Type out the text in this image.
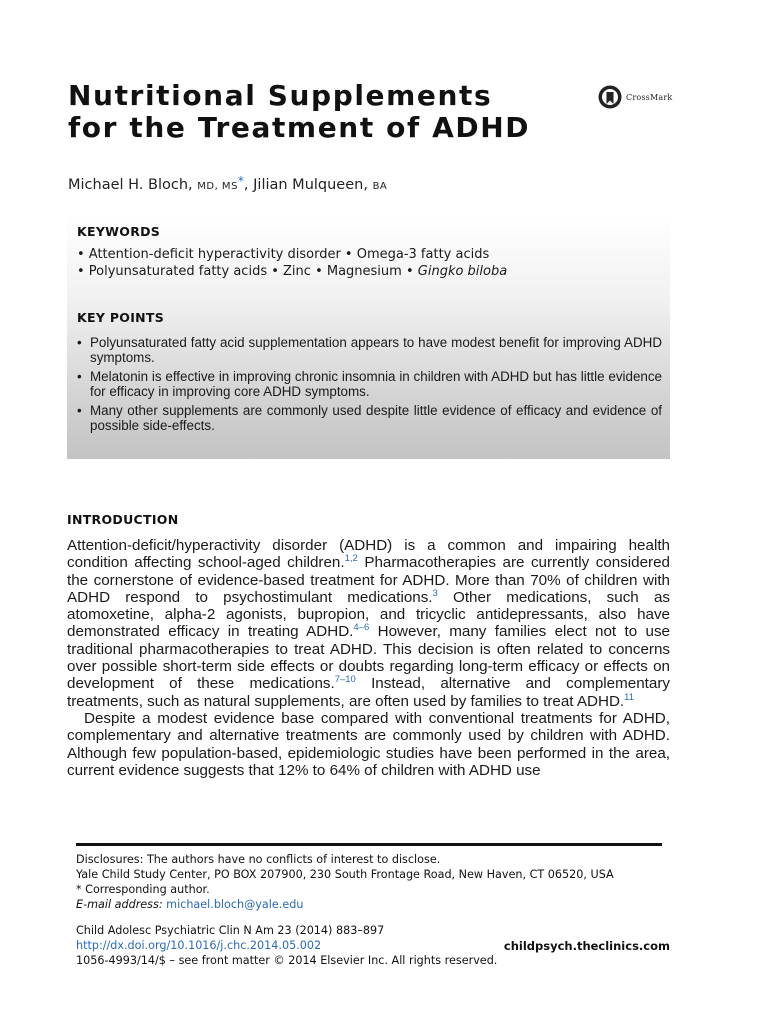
Nutritional Supplements
for the Treatment of ADHD
CrossMark
Michael H. Bloch, MD, MS*, Jilian Mulqueen, BA
KEYWORDS
• Attention-deficit hyperactivity disorder • Omega-3 fatty acids
• Polyunsaturated fatty acids • Zinc • Magnesium • Gingko biloba
KEY POINTS
• Polyunsaturated fatty acid supplementation appears to have modest benefit for improving ADHD symptoms.
• Melatonin is effective in improving chronic insomnia in children with ADHD but has little evidence for efficacy in improving core ADHD symptoms.
• Many other supplements are commonly used despite little evidence of efficacy and evidence of possible side-effects.
INTRODUCTION

Attention-deficit/hyperactivity disorder (ADHD) is a common and impairing health condition affecting school-aged children.$^{1,2}$ Pharmacotherapies are currently considered the cornerstone of evidence-based treatment for ADHD. More than 70% of children with ADHD respond to psychostimulant medications.$^3$ Other medications, such as atomoxetine, alpha-2 agonists, bupropion, and tricyclic antidepressants, also have demonstrated efficacy in treating ADHD.$^{4-6}$ However, many families elect not to use traditional pharmacotherapies to treat ADHD. This decision is often related to concerns over possible short-term side effects or doubts regarding long-term efficacy or effects on development of these medications.$^{7-10}$ Instead, alternative and complementary treatments, such as natural supplements, are often used by families to treat ADHD.$^{11}$

Despite a modest evidence base compared with conventional treatments for ADHD, complementary and alternative treatments are commonly used by children with ADHD. Although few population-based, epidemiologic studies have been performed in the area, current evidence suggests that 12% to 64% of children with ADHD use

Disclosures: The authors have no conflicts of interest to disclose.
Yale Child Study Center, PO BOX 207900, 230 South Frontage Road, New Haven, CT 06520, USA
* Corresponding author.
E-mail address: michael.bloch@yale.edu
Child Adolesc Psychiatric Clin N Am 23 (2014) 883–897
http://dx.doi.org/10.1016/j.chc.2014.05.002	childpsych.theclinics.com
1056-4993/14/$ – see front matter © 2014 Elsevier Inc. All rights reserved.
